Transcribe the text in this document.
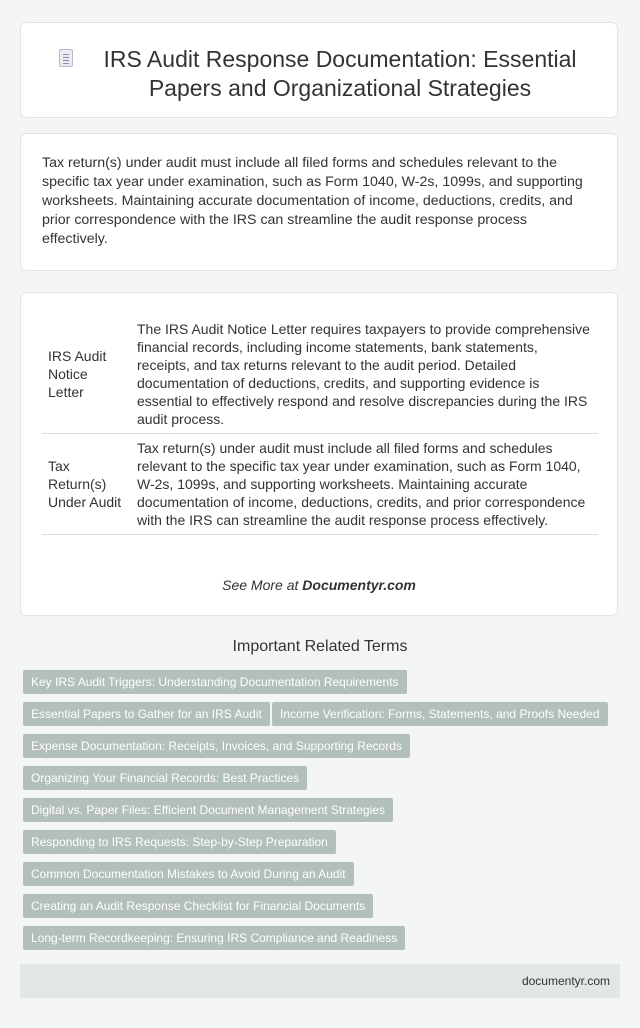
IRS Audit Response Documentation: Essential Papers and Organizational Strategies

Tax return(s) under audit must include all filed forms and schedules relevant to the specific tax year under examination, such as Form 1040, W-2s, 1099s, and supporting worksheets. Maintaining accurate documentation of income, deductions, credits, and prior correspondence with the IRS can streamline the audit response process effectively.

IRS Audit Notice Letter	The IRS Audit Notice Letter requires taxpayers to provide comprehensive financial records, including income statements, bank statements, receipts, and tax returns relevant to the audit period. Detailed documentation of deductions, credits, and supporting evidence is essential to effectively respond and resolve discrepancies during the IRS audit process.
Tax Return(s) Under Audit	Tax return(s) under audit must include all filed forms and schedules relevant to the specific tax year under examination, such as Form 1040, W-2s, 1099s, and supporting worksheets. Maintaining accurate documentation of income, deductions, credits, and prior correspondence with the IRS can streamline the audit response process effectively.
See More at Documentyr.com
Important Related Terms
Key IRS Audit Triggers: Understanding Documentation Requirements
Essential Papers to Gather for an IRS Audit	Income Verification: Forms, Statements, and Proofs Needed
Expense Documentation: Receipts, Invoices, and Supporting Records
Organizing Your Financial Records: Best Practices
Digital vs. Paper Files: Efficient Document Management Strategies
Responding to IRS Requests: Step-by-Step Preparation
Common Documentation Mistakes to Avoid During an Audit
Creating an Audit Response Checklist for Financial Documents
Long-term Recordkeeping: Ensuring IRS Compliance and Readiness
documentyr.com
